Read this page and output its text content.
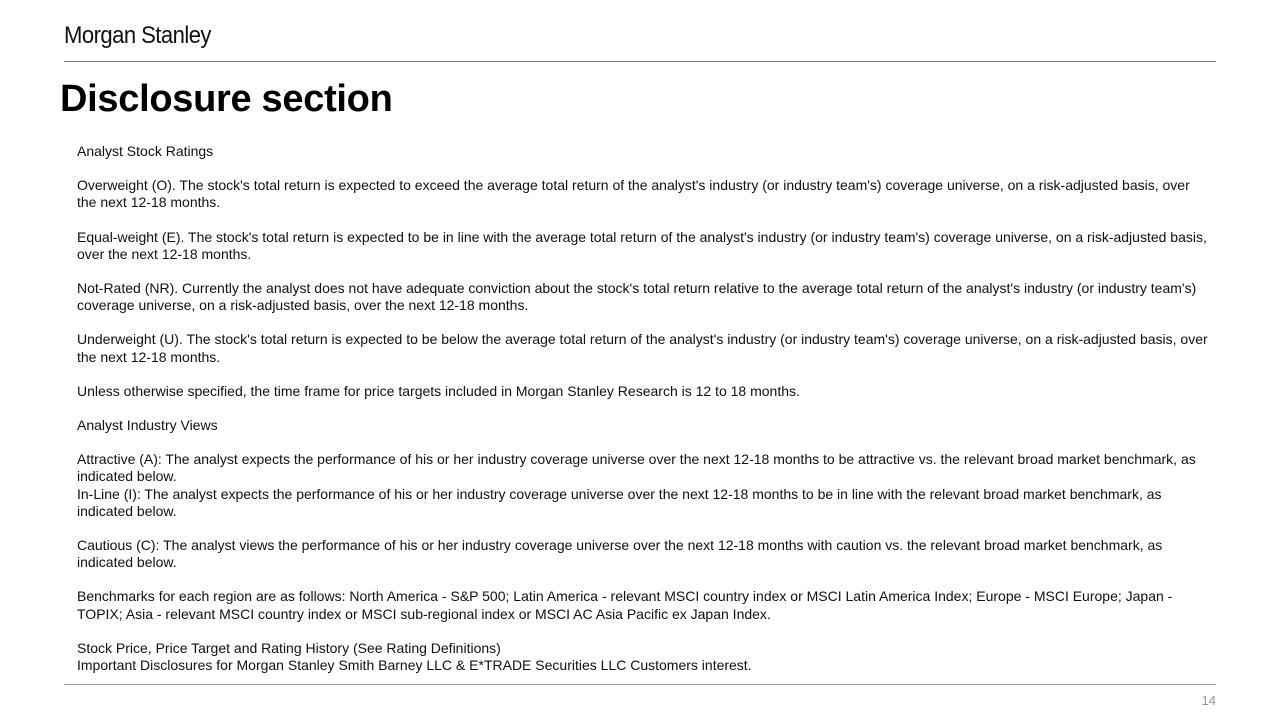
Morgan Stanley
Disclosure section

Analyst Stock Ratings

Overweight (O). The stock's total return is expected to exceed the average total return of the analyst's industry (or industry team's) coverage universe, on a risk-adjusted basis, over the next 12-18 months.

Equal-weight (E). The stock's total return is expected to be in line with the average total return of the analyst's industry (or industry team's) coverage universe, on a risk-adjusted basis, over the next 12-18 months.

Not-Rated (NR). Currently the analyst does not have adequate conviction about the stock's total return relative to the average total return of the analyst's industry (or industry team's) coverage universe, on a risk-adjusted basis, over the next 12-18 months.

Underweight (U). The stock's total return is expected to be below the average total return of the analyst's industry (or industry team's) coverage universe, on a risk-adjusted basis, over the next 12-18 months.

Unless otherwise specified, the time frame for price targets included in Morgan Stanley Research is 12 to 18 months.

Analyst Industry Views

Attractive (A): The analyst expects the performance of his or her industry coverage universe over the next 12-18 months to be attractive vs. the relevant broad market benchmark, as indicated below.

In-Line (I): The analyst expects the performance of his or her industry coverage universe over the next 12-18 months to be in line with the relevant broad market benchmark, as indicated below.

Cautious (C): The analyst views the performance of his or her industry coverage universe over the next 12-18 months with caution vs. the relevant broad market benchmark, as indicated below.

Benchmarks for each region are as follows: North America - S&P 500; Latin America - relevant MSCI country index or MSCI Latin America Index; Europe - MSCI Europe; Japan - TOPIX; Asia - relevant MSCI country index or MSCI sub-regional index or MSCI AC Asia Pacific ex Japan Index.

Stock Price, Price Target and Rating History (See Rating Definitions)

Important Disclosures for Morgan Stanley Smith Barney LLC & E*TRADE Securities LLC Customers interest.

14
